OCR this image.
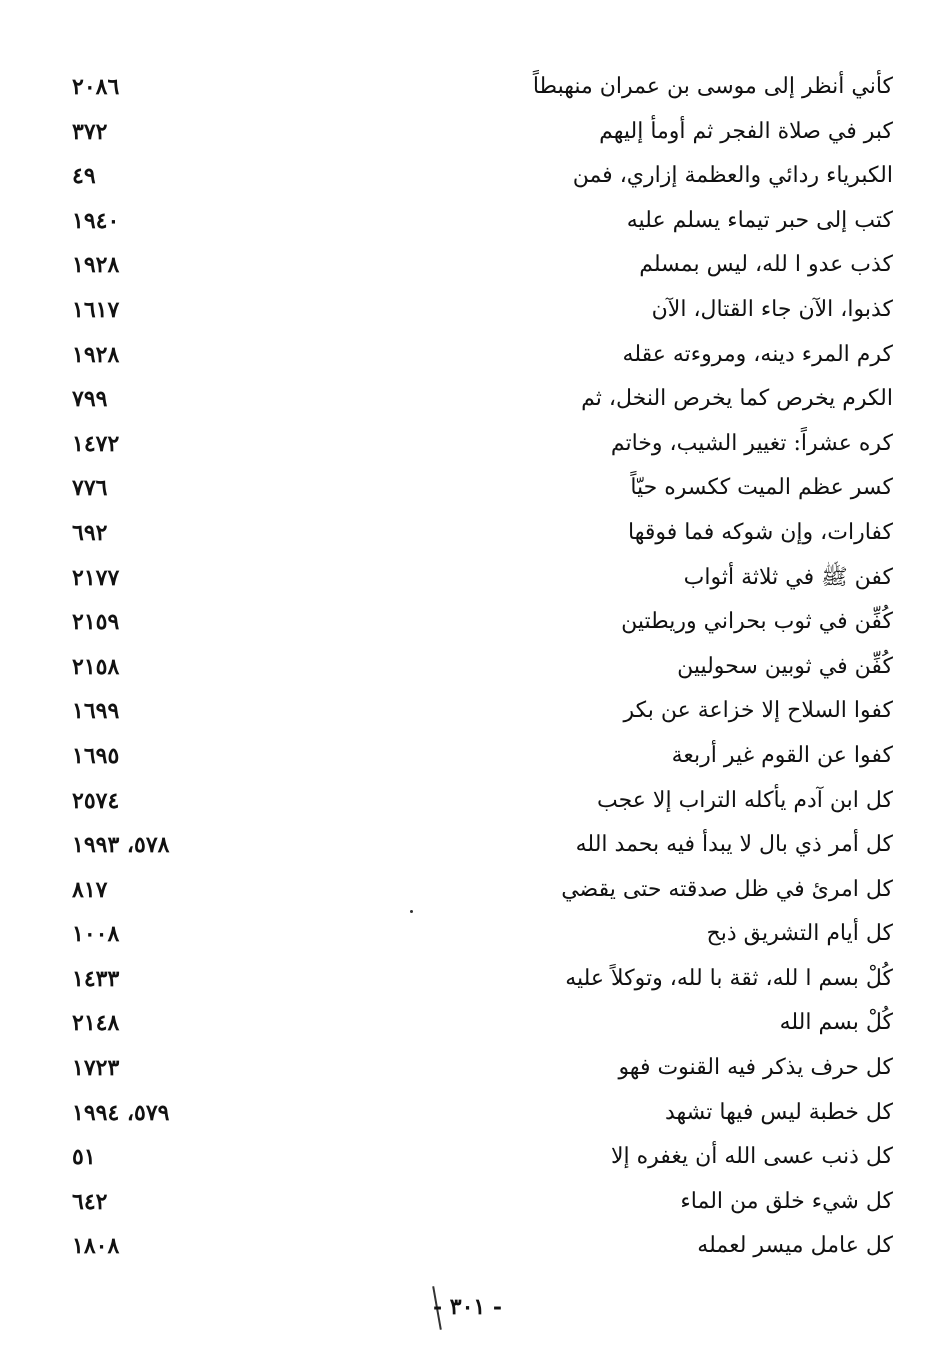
كأني أنظر إلى موسى بن عمران منهبطاً
٢٠٨٦
كبر في صلاة الفجر ثم أومأ إليهم
٣٧٢
الكبرياء ردائي والعظمة إزاري، فمن
٤٩
كتب إلى حبر تيماء يسلم عليه
١٩٤٠
كذب عدو ا لله، ليس بمسلم
١٩٢٨
كذبوا، الآن جاء القتال، الآن
١٦١٧
كرم المرء دينه، ومروءته عقله
١٩٢٨
الكرم يخرص كما يخرص النخل، ثم
٧٩٩
كره عشراً: تغيير الشيب، وخاتم
١٤٧٢
كسر عظم الميت ككسره حيّاً
٧٧٦
كفارات، وإن شوكه فما فوقها
٦٩٢
كفن ﷺ في ثلاثة أثواب
٢١٧٧
كُفِّن في ثوب بحراني وريطتين
٢١٥٩
كُفِّن في ثوبين سحوليين
٢١٥٨
كفوا السلاح إلا خزاعة عن بكر
١٦٩٩
كفوا عن القوم غير أربعة
١٦٩٥
كل ابن آدم يأكله التراب إلا عجب
٢٥٧٤
كل أمر ذي بال لا يبدأ فيه بحمد الله
٥٧٨، ١٩٩٣
كل امرئ في ظل صدقته حتى يقضي
٨١٧
كل أيام التشريق ذبح
١٠٠٨
كُلْ بسم ا لله، ثقة با لله، وتوكلاً عليه
١٤٣٣
كُلْ بسم الله
٢١٤٨
كل حرف يذكر فيه القنوت فهو
١٧٢٣
كل خطبة ليس فيها تشهد
٥٧٩، ١٩٩٤
كل ذنب عسى الله أن يغفره إلا
٥١
كل شيء خلق من الماء
٦٤٢
كل عامل ميسر لعمله
١٨٠٨
- ٣٠١ -
